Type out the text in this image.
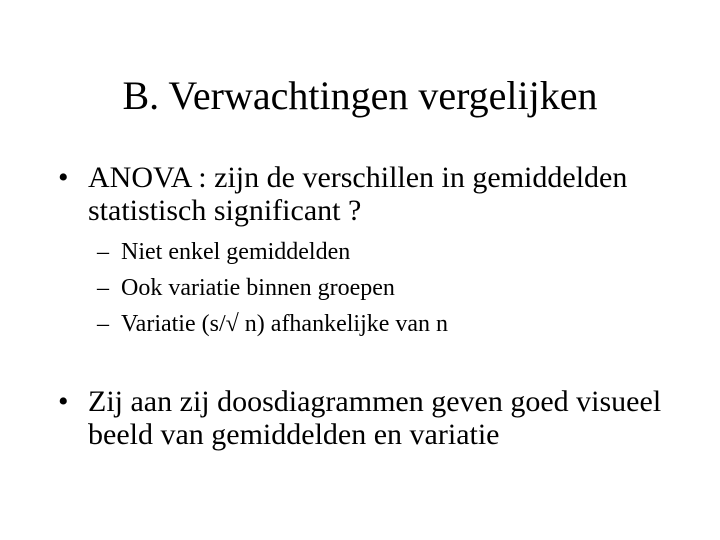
B. Verwachtingen vergelijken
• ANOVA : zijn de verschillen in gemiddelden statistisch significant ?
– Niet enkel gemiddelden
– Ook variatie binnen groepen
– Variatie (s/√ n) afhankelijke van n
• Zij aan zij doosdiagrammen geven goed visueel beeld van gemiddelden en variatie
